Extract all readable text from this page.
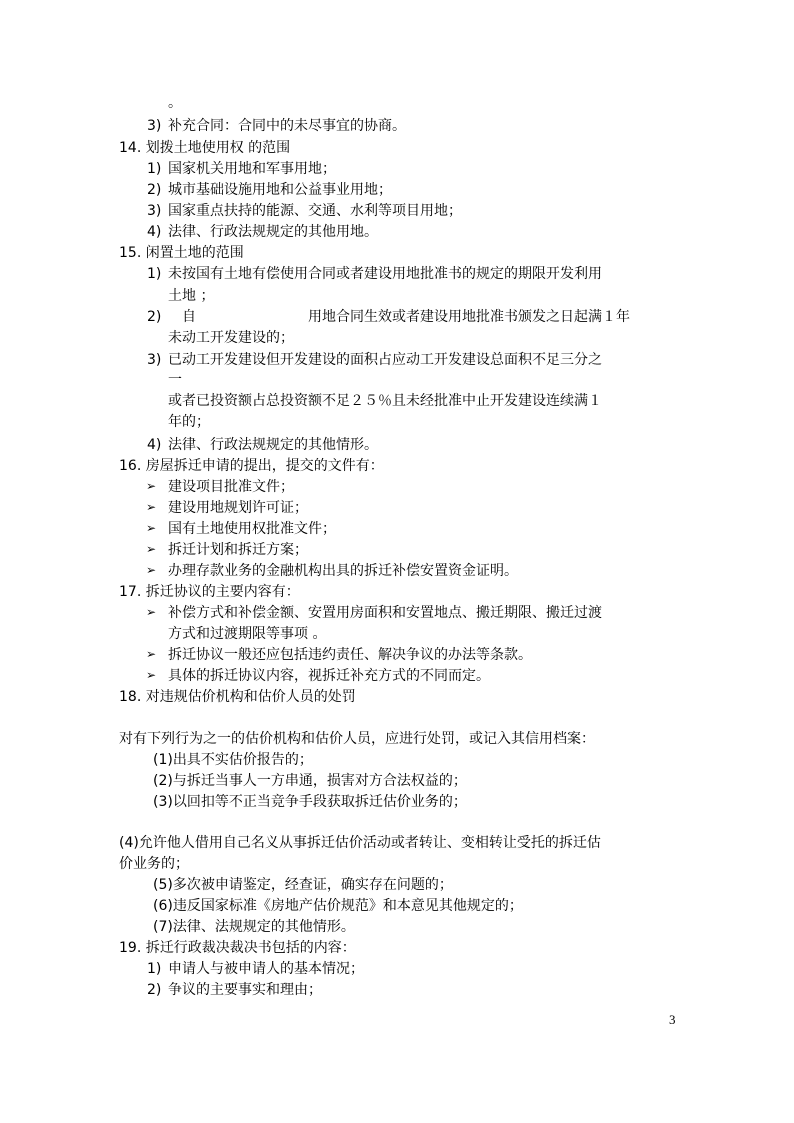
。
3) 补充合同：合同中的未尽事宜的协商。
14. 划拨土地使用权 的范围
1) 国家机关用地和军事用地；
2) 城市基础设施用地和公益事业用地；
3) 国家重点扶持的能源、交通、水利等项目用地；
4) 法律、行政法规规定的其他用地。
15. 闲置土地的范围
1) 未按国有土地有偿使用合同或者建设用地批准书的规定的期限开发利用
土地 ；
2) 自	用地合同生效或者建设用地批准书颁发之日起满１年
未动工开发建设的；
3) 已动工开发建设但开发建设的面积占应动工开发建设总面积不足三分之
一
或者已投资额占总投资额不足２５％且未经批准中止开发建设连续满１
年的；
4) 法律、行政法规规定的其他情形。
16. 房屋拆迁申请的提出，提交的文件有：
➢ 建设项目批准文件；
➢ 建设用地规划许可证；
➢ 国有土地使用权批准文件；
➢ 拆迁计划和拆迁方案；
➢ 办理存款业务的金融机构出具的拆迁补偿安置资金证明。
17. 拆迁协议的主要内容有：
➢ 补偿方式和补偿金额、安置用房面积和安置地点、搬迁期限、搬迁过渡
方式和过渡期限等事项 。
➢ 拆迁协议一般还应包括违约责任、解决争议的办法等条款。
➢ 具体的拆迁协议内容，视拆迁补充方式的不同而定。
18. 对违规估价机构和估价人员的处罚
对有下列行为之一的估价机构和估价人员，应进行处罚，或记入其信用档案：
(1)出具不实估价报告的；
(2)与拆迁当事人一方串通，损害对方合法权益的；
(3)以回扣等不正当竞争手段获取拆迁估价业务的；
(4)允许他人借用自己名义从事拆迁估价活动或者转让、变相转让受托的拆迁估
价业务的；
(5)多次被申请鉴定，经查证，确实存在问题的；
(6)违反国家标准《房地产估价规范》和本意见其他规定的；
(7)法律、法规规定的其他情形。
19. 拆迁行政裁决裁决书包括的内容：
1) 申请人与被申请人的基本情况；
2) 争议的主要事实和理由；
3
